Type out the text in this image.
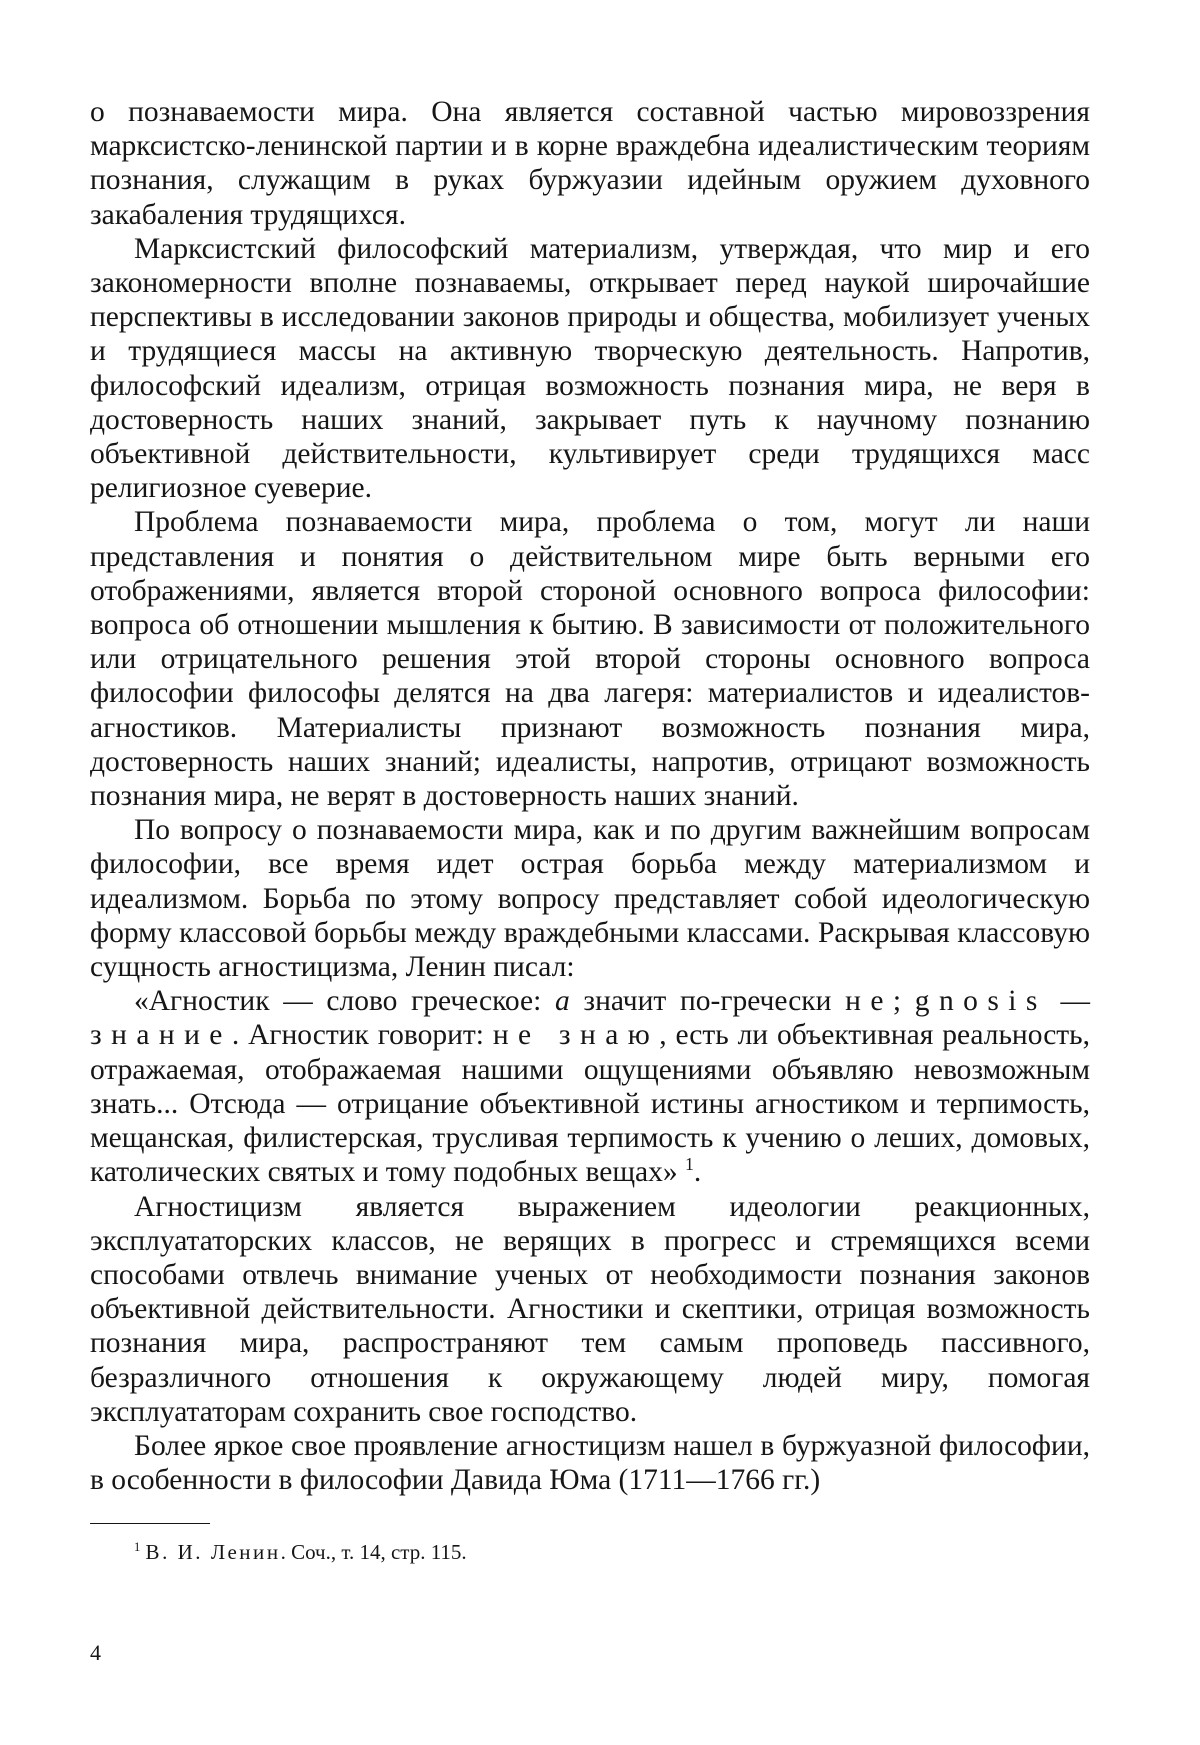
о познаваемости мира. Она является составной частью мировоззрения марксистско-ленинской партии и в корне враждебна идеалистическим теориям познания, служащим в руках буржуазии идейным оружием духовного закабаления трудящихся.

Марксистский философский материализм, утверждая, что мир и его закономерности вполне познаваемы, открывает перед наукой широчайшие перспективы в исследовании законов природы и общества, мобилизует ученых и трудящиеся массы на активную творческую деятельность. Напротив, философский идеализм, отрицая возможность познания мира, не веря в достоверность наших знаний, закрывает путь к научному познанию объективной действительности, культивирует среди трудящихся масс религиозное суеверие.

Проблема познаваемости мира, проблема о том, могут ли наши представления и понятия о действительном мире быть верными его отображениями, является второй стороной основного вопроса философии: вопроса об отношении мышления к бытию. В зависимости от положительного или отрицательного решения этой второй стороны основного вопроса философии философы делятся на два лагеря: материалистов и идеалистов-агностиков. Материалисты признают возможность познания мира, достоверность наших знаний; идеалисты, напротив, отрицают возможность познания мира, не верят в достоверность наших знаний.

По вопросу о познаваемости мира, как и по другим важнейшим вопросам философии, все время идет острая борьба между материализмом и идеализмом. Борьба по этому вопросу представляет собой идеологическую форму классовой борьбы между враждебными классами. Раскрывая классовую сущность агностицизма, Ленин писал:

«Агностик — слово греческое: a значит по-гречески не; gnosis — знание. Агностик говорит: не знаю, есть ли объективная реальность, отражаемая, отображаемая нашими ощущениями объявляю невозможным знать... Отсюда — отрицание объективной истины агностиком и терпимость, мещанская, филистерская, трусливая терпимость к учению о леших, домовых, католических святых и тому подобных вещах» $^1$.

Агностицизм является выражением идеологии реакционных, эксплуататорских классов, не верящих в прогресс и стремящихся всеми способами отвлечь внимание ученых от необходимости познания законов объективной действительности. Агностики и скептики, отрицая возможность познания мира, распространяют тем самым проповедь пассивного, безразличного отношения к окружающему людей миру, помогая эксплуататорам сохранить свое господство.

Более яркое свое проявление агностицизм нашел в буржуазной философии, в особенности в философии Давида Юма (1711—1766 гг.)

$^1$ В. И. Ленин. Соч., т. 14, стр. 115.
4
